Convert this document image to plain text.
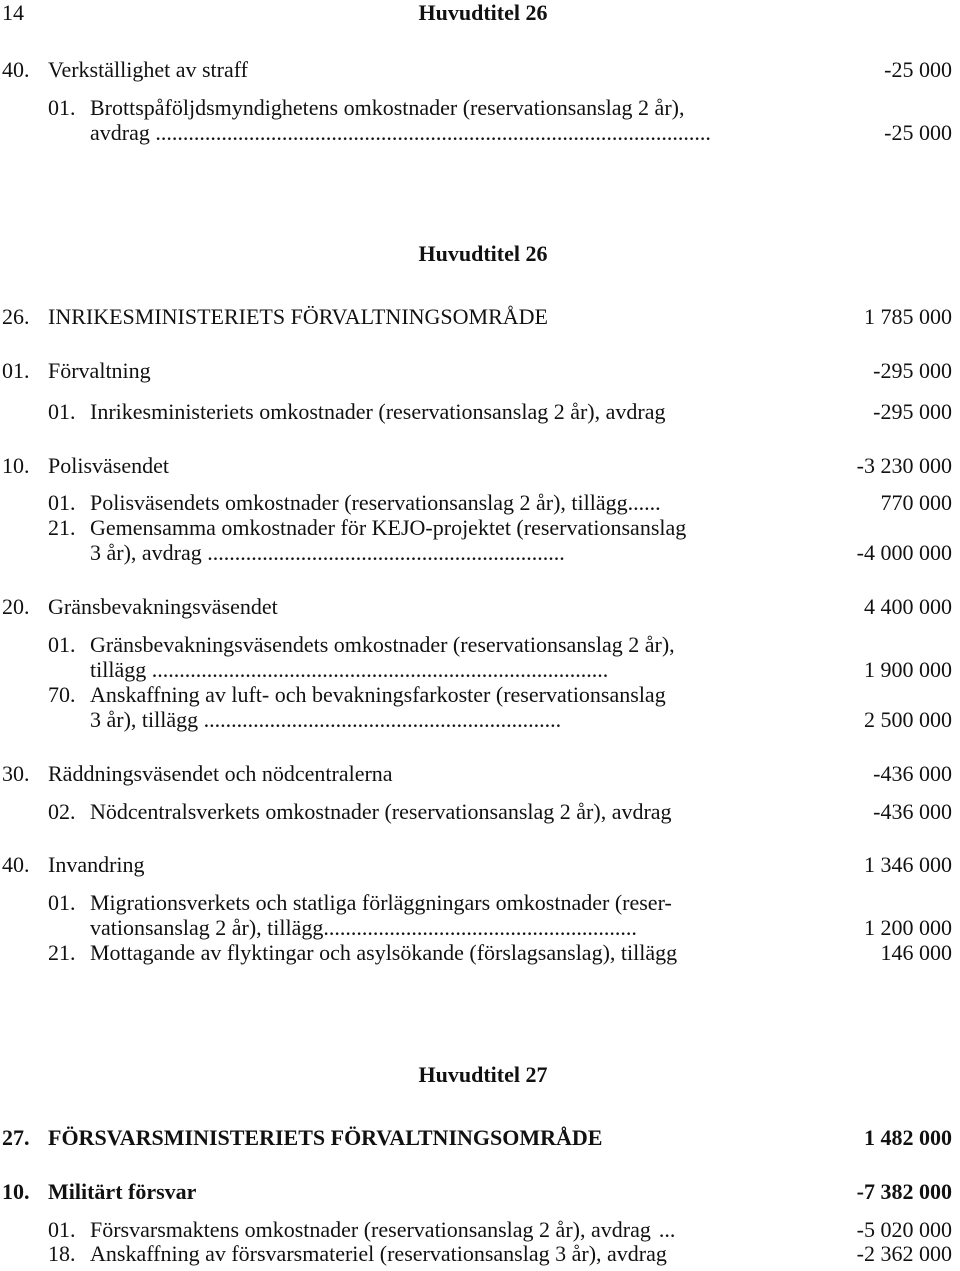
14	Huvudtitel 26
40. Verkställighet av straff	-25 000
01. Brottspåföljdsmyndighetens omkostnader (reservationsanslag 2 år),
avdrag .....................................................................................................	-25 000
Huvudtitel 26
26. INRIKESMINISTERIETS FÖRVALTNINGSOMRÅDE	1 785 000
01. Förvaltning	-295 000
01. Inrikesministeriets omkostnader (reservationsanslag 2 år), avdrag	-295 000
10. Polisväsendet	-3 230 000
01. Polisväsendets omkostnader (reservationsanslag 2 år), tillägg......	770 000
21. Gemensamma omkostnader för KEJO-projektet (reservationsanslag
3 år), avdrag .................................................................	-4 000 000
20. Gränsbevakningsväsendet	4 400 000
01. Gränsbevakningsväsendets omkostnader (reservationsanslag 2 år),
tillägg ...................................................................................	1 900 000
70. Anskaffning av luft- och bevakningsfarkoster (reservationsanslag
3 år), tillägg .................................................................	2 500 000
30. Räddningsväsendet och nödcentralerna	-436 000
02. Nödcentralsverkets omkostnader (reservationsanslag 2 år), avdrag	-436 000
40. Invandring	1 346 000
01. Migrationsverkets och statliga förläggningars omkostnader (reser-
vationsanslag 2 år), tillägg.........................................................	1 200 000
21. Mottagande av flyktingar och asylsökande (förslagsanslag), tillägg	146 000
Huvudtitel 27
27. FÖRSVARSMINISTERIETS FÖRVALTNINGSOMRÅDE	1 482 000
10. Militärt försvar	-7 382 000
01. Försvarsmaktens omkostnader (reservationsanslag 2 år), avdrag ...	-5 020 000
18. Anskaffning av försvarsmateriel (reservationsanslag 3 år), avdrag	-2 362 000
